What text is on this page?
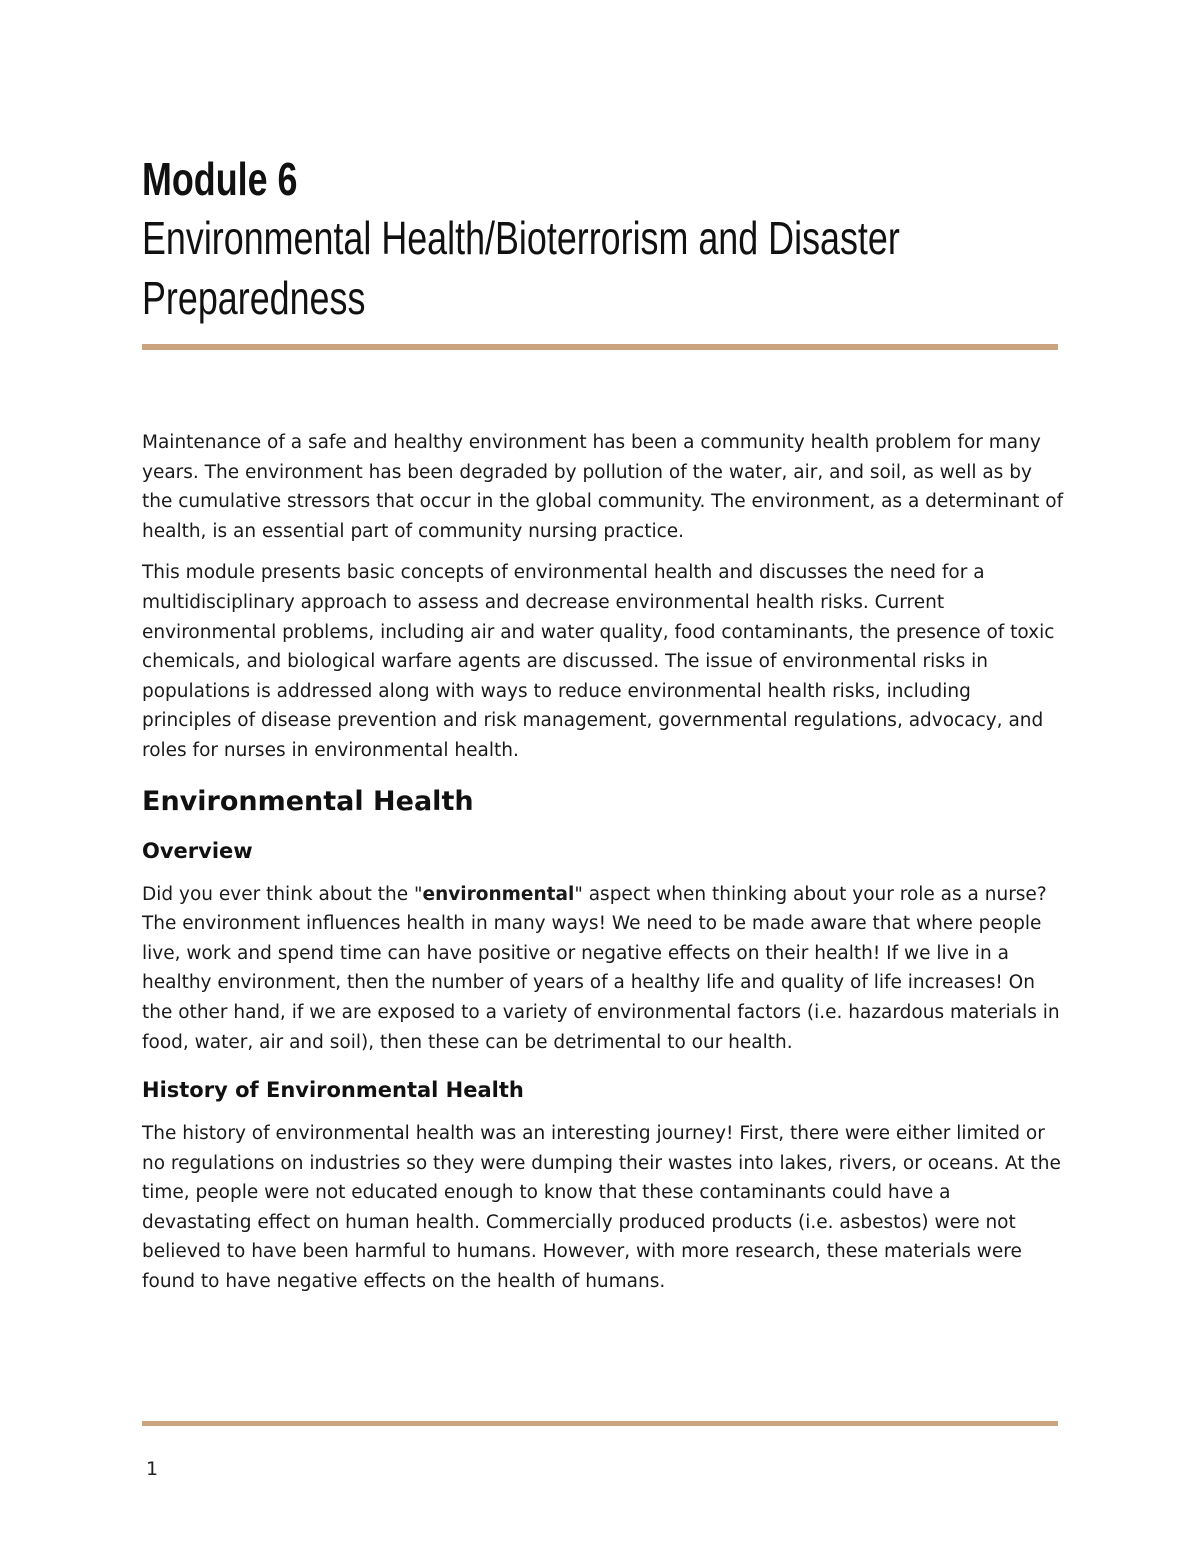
Module 6
Environmental Health/Bioterrorism and Disaster Preparedness

Maintenance of a safe and healthy environment has been a community health problem for many years. The environment has been degraded by pollution of the water, air, and soil, as well as by the cumulative stressors that occur in the global community. The environment, as a determinant of health, is an essential part of community nursing practice.

This module presents basic concepts of environmental health and discusses the need for a multidisciplinary approach to assess and decrease environmental health risks. Current environmental problems, including air and water quality, food contaminants, the presence of toxic chemicals, and biological warfare agents are discussed. The issue of environmental risks in populations is addressed along with ways to reduce environmental health risks, including principles of disease prevention and risk management, governmental regulations, advocacy, and roles for nurses in environmental health.

Environmental Health
Overview

Did you ever think about the "environmental" aspect when thinking about your role as a nurse? The environment influences health in many ways! We need to be made aware that where people live, work and spend time can have positive or negative effects on their health! If we live in a healthy environment, then the number of years of a healthy life and quality of life increases! On the other hand, if we are exposed to a variety of environmental factors (i.e. hazardous materials in food, water, air and soil), then these can be detrimental to our health.

History of Environmental Health

The history of environmental health was an interesting journey! First, there were either limited or no regulations on industries so they were dumping their wastes into lakes, rivers, or oceans. At the time, people were not educated enough to know that these contaminants could have a devastating effect on human health. Commercially produced products (i.e. asbestos) were not believed to have been harmful to humans. However, with more research, these materials were found to have negative effects on the health of humans.

1
